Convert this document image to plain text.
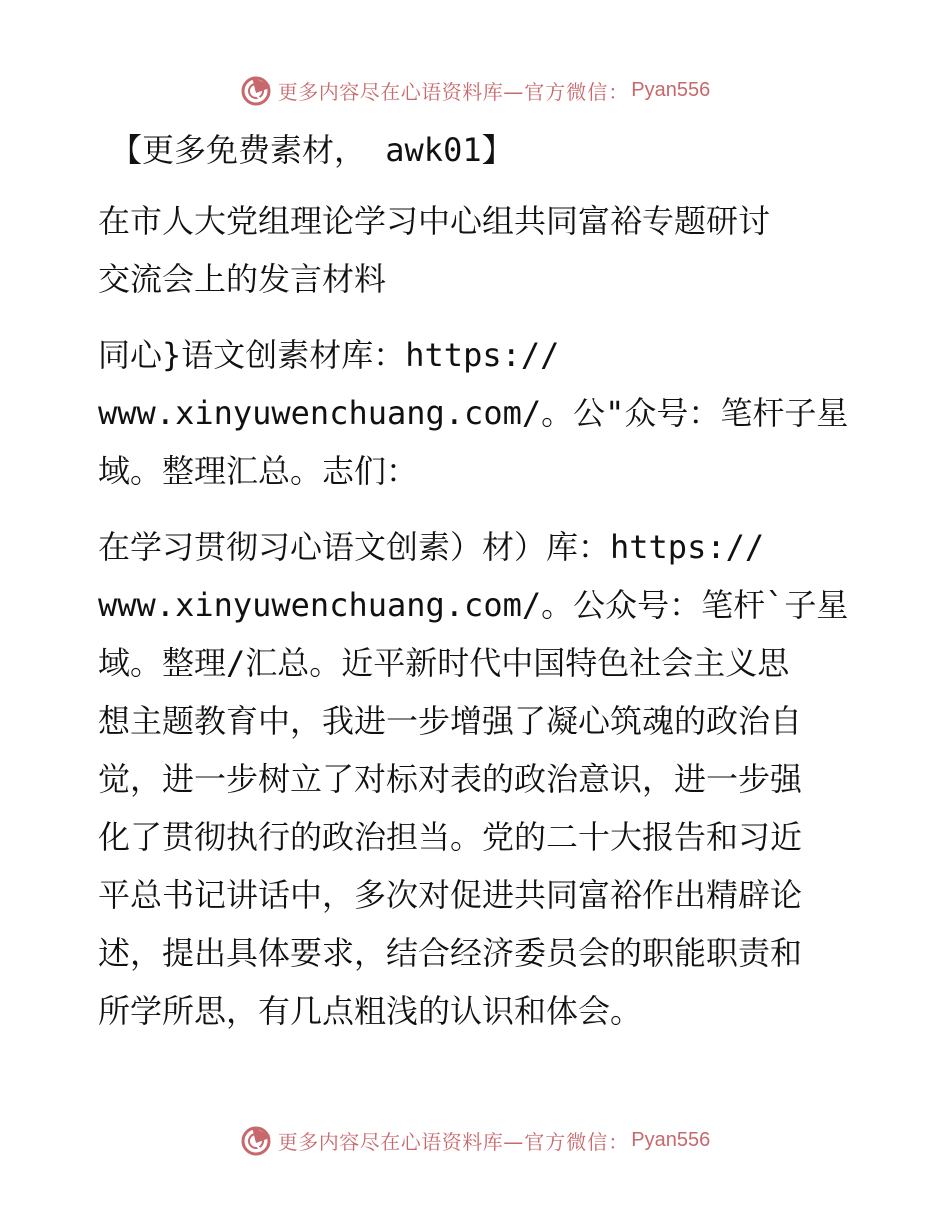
更多内容尽在心语资料库 —官方微信： Pyan556

【更多免费素材， awk01】

在市人大党组理论学习中心组共同富裕专题研讨

交流会上的发言材料

同心}语文创素材库：https://

www.xinyuwenchuang.com/。公"众号：笔杆子星

域。整理汇总。志们：

在学习贯彻习心语文创素）材）库：https://

www.xinyuwenchuang.com/。公众号：笔杆`子星

域。整理/汇总。近平新时代中国特色社会主义思

想主题教育中，我进一步增强了凝心筑魂的政治自

觉，进一步树立了对标对表的政治意识，进一步强

化了贯彻执行的政治担当。党的二十大报告和习近

平总书记讲话中，多次对促进共同富裕作出精辟论

述，提出具体要求，结合经济委员会的职能职责和

所学所思，有几点粗浅的认识和体会。

更多内容尽在心语资料库 —官方微信： Pyan556
